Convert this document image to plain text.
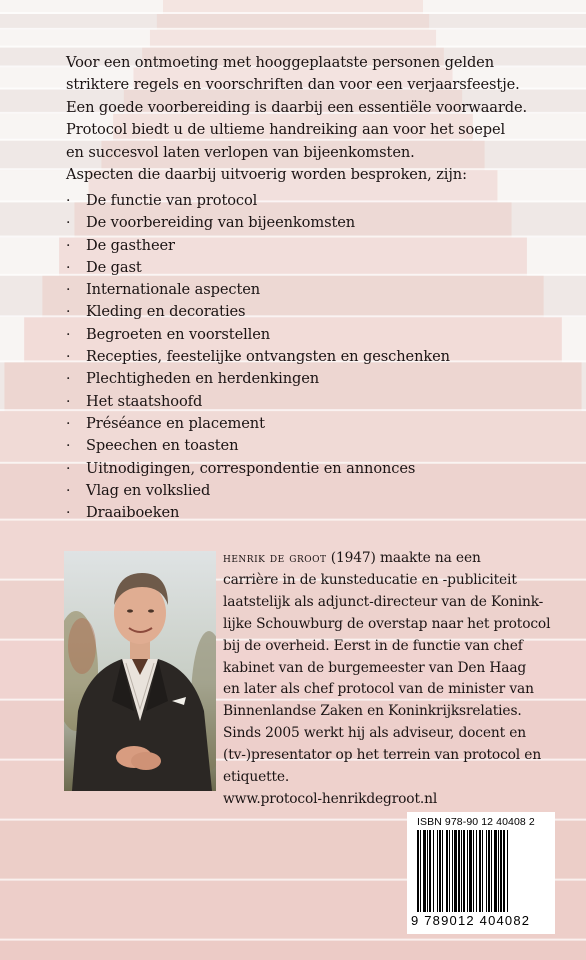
Voor een ontmoeting met hooggeplaatste personen gelden

striktere regels en voorschriften dan voor een verjaarsfeestje.

Een goede voorbereiding is daarbij een essentiële voorwaarde.

Protocol biedt u de ultieme handreiking aan voor het soepel

en succesvol laten verlopen van bijeenkomsten.

Aspecten die daarbij uitvoerig worden besproken, zijn:

· De functie van protocol
· De voorbereiding van bijeenkomsten
· De gastheer
· De gast
· Internationale aspecten
· Kleding en decoraties
· Begroeten en voorstellen
· Recepties, feestelijke ontvangsten en geschenken
· Plechtigheden en herdenkingen
· Het staatshoofd
· Préséance en placement
· Speechen en toasten
· Uitnodigingen, correspondentie en annonces
· Vlag en volkslied
· Draaiboeken

henrik de groot (1947) maakte na een

carrière in de kunsteducatie en -publiciteit

laatstelijk als adjunct-directeur van de Konink-

lijke Schouwburg de overstap naar het protocol

bij de overheid. Eerst in de functie van chef

kabinet van de burgemeester van Den Haag

en later als chef protocol van de minister van

Binnenlandse Zaken en Koninkrijksrelaties.

Sinds 2005 werkt hij als adviseur, docent en

(tv-)presentator op het terrein van protocol en

etiquette.

www.protocol-henrikdegroot.nl

ISBN 978-90 12 40408 2
9 789012 404082
